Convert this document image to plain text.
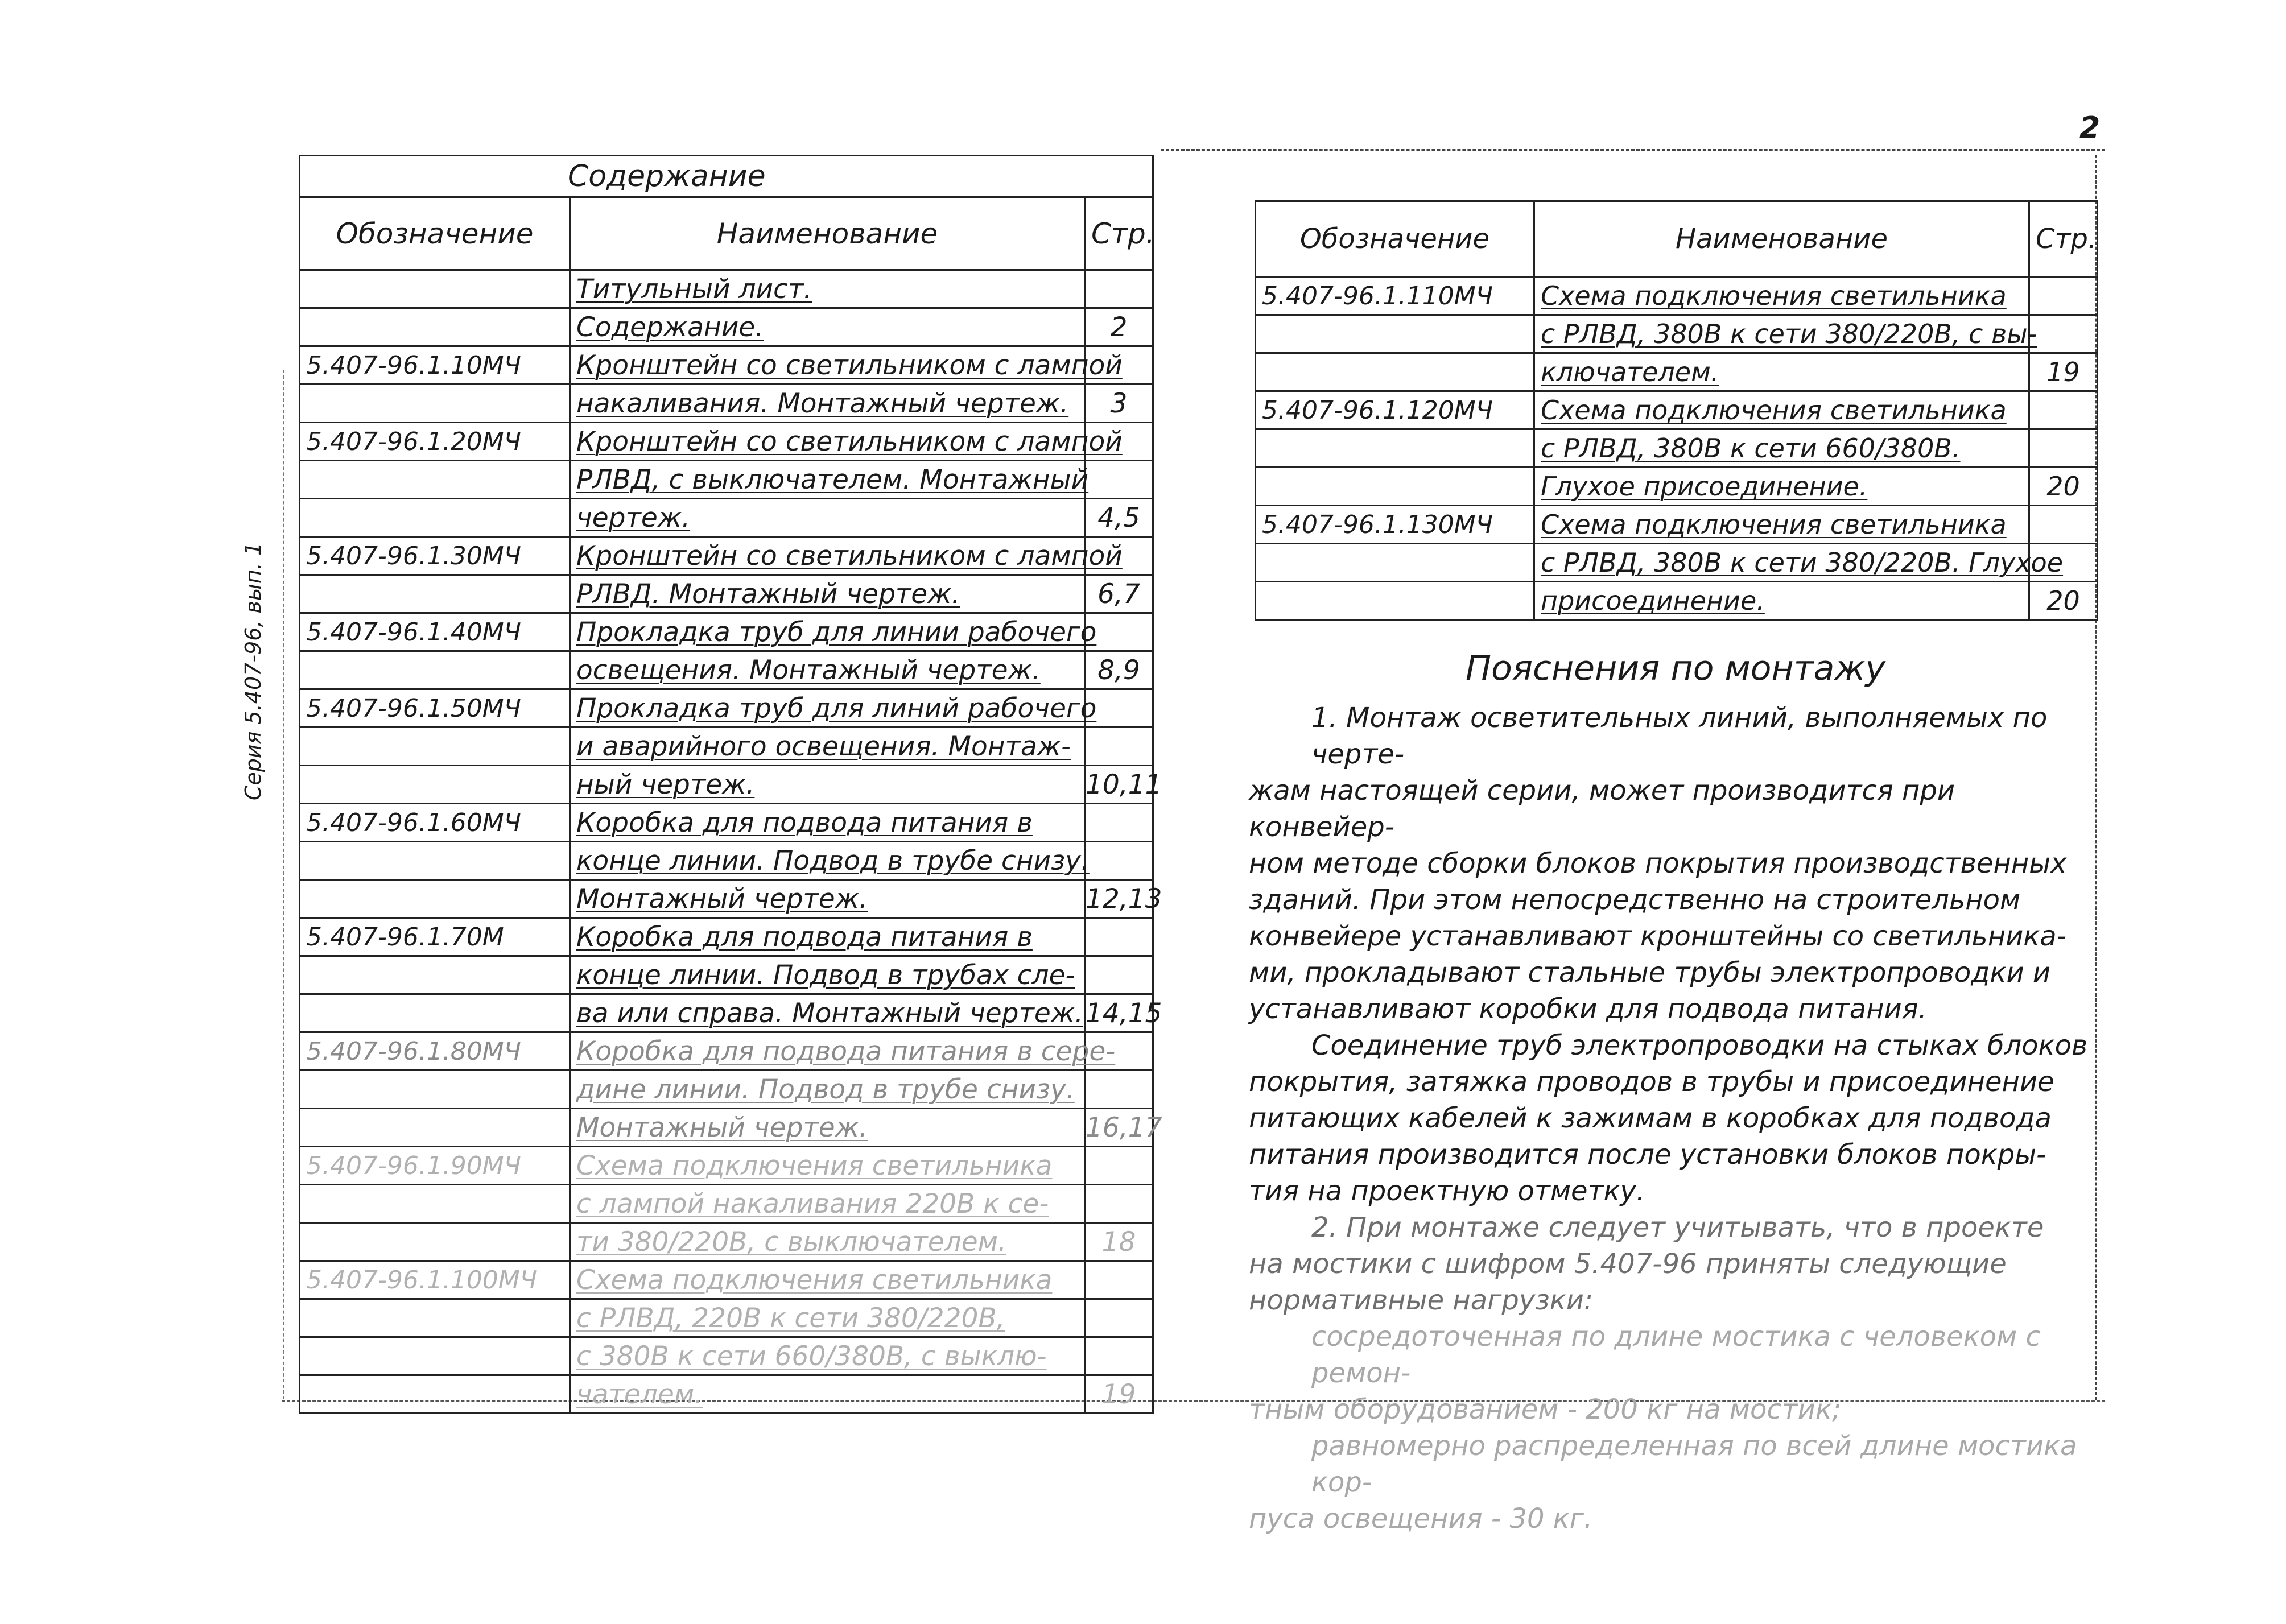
2
Серия 5.407-96, вып. 1
Содержание		
Обозначение	Наименование	Стр.
	Титульный лист.	
	Содержание.	2
5.407-96.1.10МЧ	Кронштейн со светильником с лампой	
	накаливания. Монтажный чертеж.	3
5.407-96.1.20МЧ	Кронштейн со светильником с лампой	
	РЛВД, с выключателем. Монтажный	
	чертеж.	4,5
5.407-96.1.30МЧ	Кронштейн со светильником с лампой	
	РЛВД. Монтажный чертеж.	6,7
5.407-96.1.40МЧ	Прокладка труб для линии рабочего	
	освещения. Монтажный чертеж.	8,9
5.407-96.1.50МЧ	Прокладка труб для линий рабочего	
	и аварийного освещения. Монтаж-	
	ный чертеж.	10,11
5.407-96.1.60МЧ	Коробка для подвода питания в	
	конце линии. Подвод в трубе снизу.	
	Монтажный чертеж.	12,13
5.407-96.1.70М	Коробка для подвода питания в	
	конце линии. Подвод в трубах сле-	
	ва или справа. Монтажный чертеж.	14,15
5.407-96.1.80МЧ	Коробка для подвода питания в сере-	
	дине линии. Подвод в трубе снизу.	
	Монтажный чертеж.	16,17
5.407-96.1.90МЧ	Схема подключения светильника	
	с лампой накаливания 220В к се-	
	ти 380/220В, с выключателем.	18
5.407-96.1.100МЧ	Схема подключения светильника	
	с РЛВД, 220В к сети 380/220В,	
	с 380В к сети 660/380В, с выклю-	
	чателем.	19
Обозначение	Наименование	Стр.
5.407-96.1.110МЧ	Схема подключения светильника	
	с РЛВД, 380В к сети 380/220В, с вы-	
	ключателем.	19
5.407-96.1.120МЧ	Схема подключения светильника	
	с РЛВД, 380В к сети 660/380В.	
	Глухое присоединение.	20
5.407-96.1.130МЧ	Схема подключения светильника	
	с РЛВД, 380В к сети 380/220В. Глухое	
	присоединение.	20
Пояснения по монтажу

1. Монтаж осветительных линий, выполняемых по черте-

жам настоящей серии, может производится при конвейер-

ном методе сборки блоков покрытия производственных

зданий. При этом непосредственно на строительном

конвейере устанавливают кронштейны со светильника-

ми, прокладывают стальные трубы электропроводки и

устанавливают коробки для подвода питания.

Соединение труб электропроводки на стыках блоков

покрытия, затяжка проводов в трубы и присоединение

питающих кабелей к зажимам в коробках для подвода

питания производится после установки блоков покры-

тия на проектную отметку.

2. При монтаже следует учитывать, что в проекте

на мостики с шифром 5.407-96 приняты следующие

нормативные нагрузки:

сосредоточенная по длине мостика с человеком с ремон-

тным оборудованием - 200 кг на мостик;

равномерно распределенная по всей длине мостика кор-

пуса освещения - 30 кг.
